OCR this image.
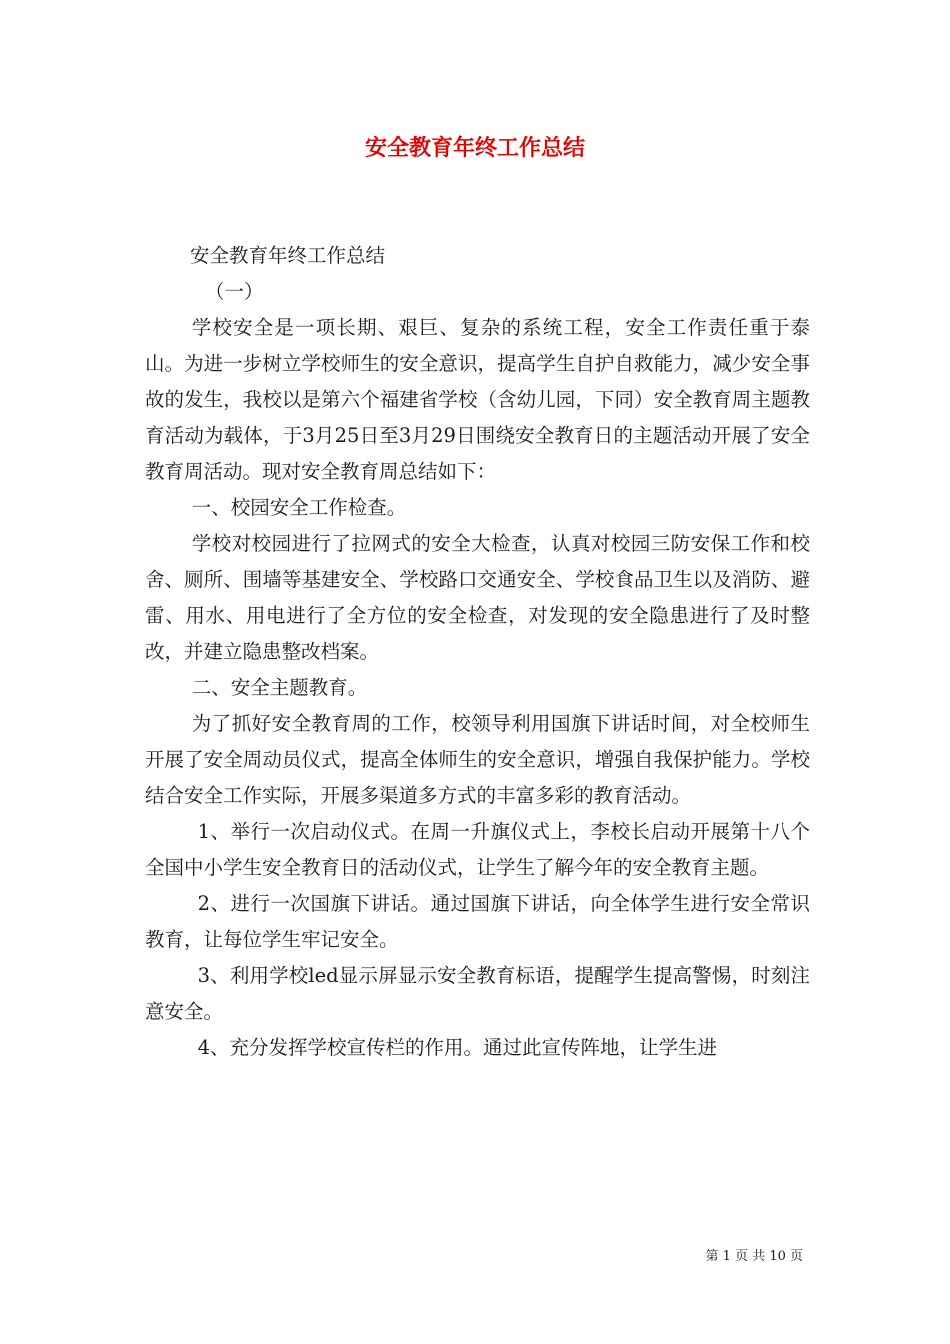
安全教育年终工作总结

安全教育年终工作总结

（一）

学校安全是一项长期、艰巨、复杂的系统工程，安全工作责任重于泰山。为进一步树立学校师生的安全意识，提高学生自护自救能力，减少安全事故的发生，我校以是第六个福建省学校（含幼儿园，下同）安全教育周主题教育活动为载体，于3月25日至3月29日围绕安全教育日的主题活动开展了安全教育周活动。现对安全教育周总结如下：

一、校园安全工作检查。

学校对校园进行了拉网式的安全大检查，认真对校园三防安保工作和校舍、厕所、围墙等基建安全、学校路口交通安全、学校食品卫生以及消防、避雷、用水、用电进行了全方位的安全检查，对发现的安全隐患进行了及时整改，并建立隐患整改档案。

二、安全主题教育。

为了抓好安全教育周的工作，校领导利用国旗下讲话时间，对全校师生开展了安全周动员仪式，提高全体师生的安全意识，增强自我保护能力。学校结合安全工作实际，开展多渠道多方式的丰富多彩的教育活动。

1、举行一次启动仪式。在周一升旗仪式上，李校长启动开展第十八个全国中小学生安全教育日的活动仪式，让学生了解今年的安全教育主题。

2、进行一次国旗下讲话。通过国旗下讲话，向全体学生进行安全常识教育，让每位学生牢记安全。

3、利用学校led显示屏显示安全教育标语，提醒学生提高警惕，时刻注意安全。

4、充分发挥学校宣传栏的作用。通过此宣传阵地，让学生进

第 1 页 共 10 页
